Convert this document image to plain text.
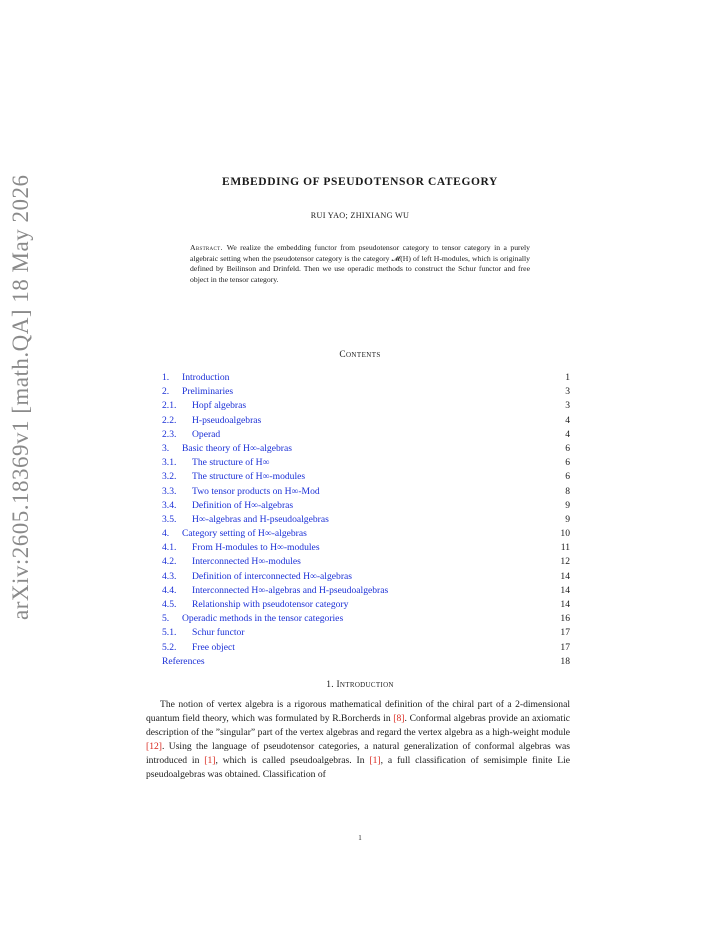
arXiv:2605.18369v1 [math.QA] 18 May 2026	EMBEDDING OF PSEUDOTENSOR CATEGORY
RUI YAO; ZHIXIANG WU
Abstract. We realize the embedding functor from pseudotensor category to tensor category in a purely algebraic setting when the pseudotensor category is the category 𝓜(H) of left H-modules, which is originally defined by Beilinson and Drinfeld. Then we use operadic methods to construct the Schur functor and free object in the tensor category.
Contents
1. Introduction	1
2. Preliminaries	3
2.1. Hopf algebras	3
2.2. H-pseudoalgebras	4
2.3. Operad	4
3. Basic theory of H∞-algebras	6
3.1. The structure of H∞	6
3.2. The structure of H∞-modules	6
3.3. Two tensor products on H∞-Mod	8
3.4. Definition of H∞-algebras	9
3.5. H∞-algebras and H-pseudoalgebras	9
4. Category setting of H∞-algebras	10
4.1. From H-modules to H∞-modules	11
4.2. Interconnected H∞-modules	12
4.3. Definition of interconnected H∞-algebras	14
4.4. Interconnected H∞-algebras and H-pseudoalgebras	14
4.5. Relationship with pseudotensor category	14
5. Operadic methods in the tensor categories	16
5.1. Schur functor	17
5.2. Free object	17
References	18
1. Introduction

The notion of vertex algebra is a rigorous mathematical definition of the chiral part of a 2-dimensional quantum field theory, which was formulated by R.Borcherds in [8]. Conformal algebras provide an axiomatic description of the ”singular” part of the vertex algebras and regard the vertex algebra as a high-weight module [12]. Using the language of pseudotensor categories, a natural generalization of conformal algebras was introduced in [1], which is called pseudoalgebras. In [1], a full classification of semisimple finite Lie pseudoalgebras was obtained. Classification of

1
